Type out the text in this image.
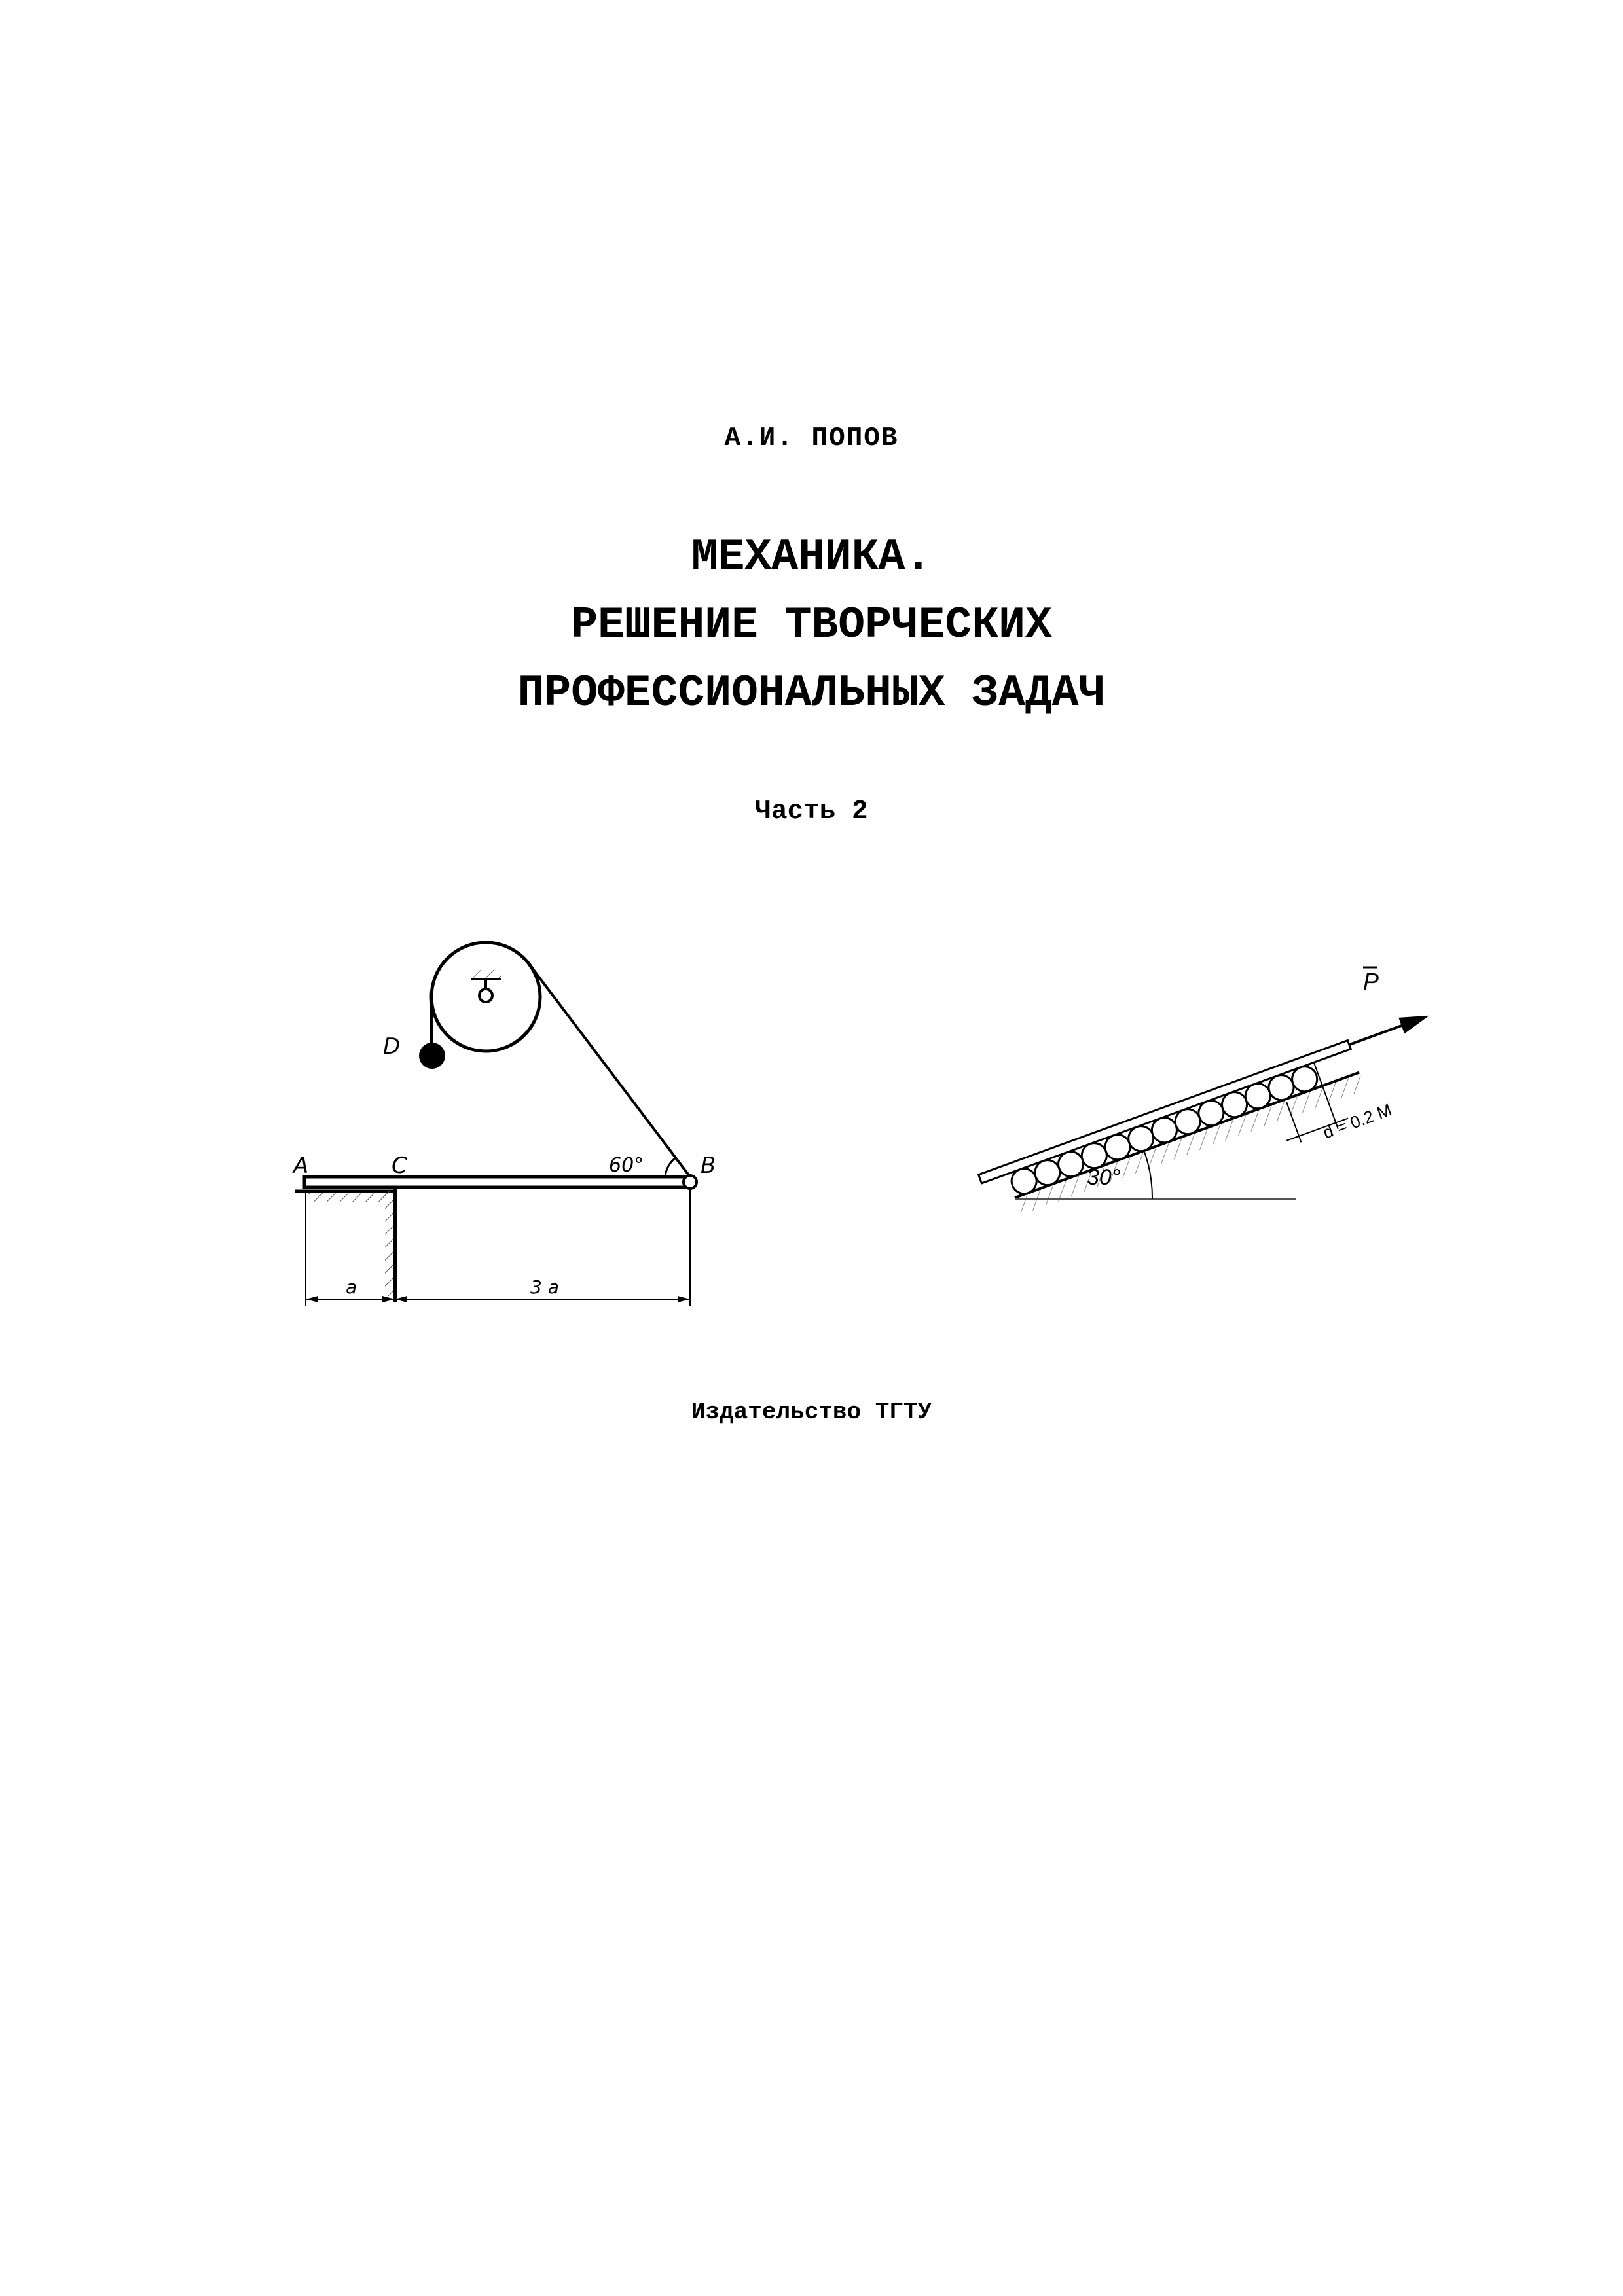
А.И. ПОПОВ
МЕХАНИКА.
РЕШЕНИЕ ТВОРЧЕСКИХ
ПРОФЕССИОНАЛЬНЫХ ЗАДАЧ
Часть 2
D
60°
A	C	B
a	3 a
P
30°
d = 0.2 М
Издательство ТГТУ
